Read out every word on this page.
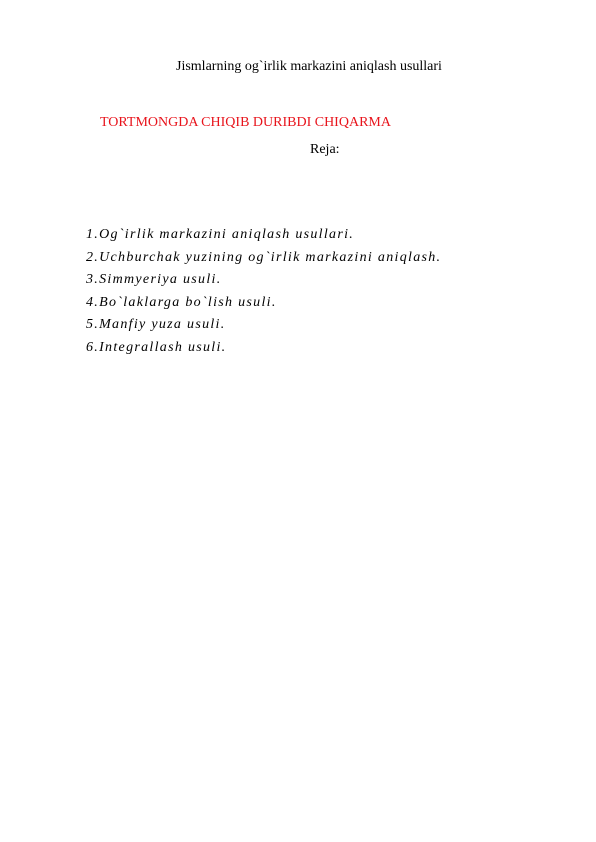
Jismlarning og`irlik markazini aniqlash usullari
TORTMONGDA CHIQIB DURIBDI CHIQARMA
Reja:
1.Og`irlik markazini aniqlash usullari.
2.Uchburchak yuzining og`irlik markazini aniqlash.
3.Simmyeriya usuli.
4.Bo`laklarga bo`lish usuli.
5.Manfiy yuza usuli.
6.Integrallash usuli.
